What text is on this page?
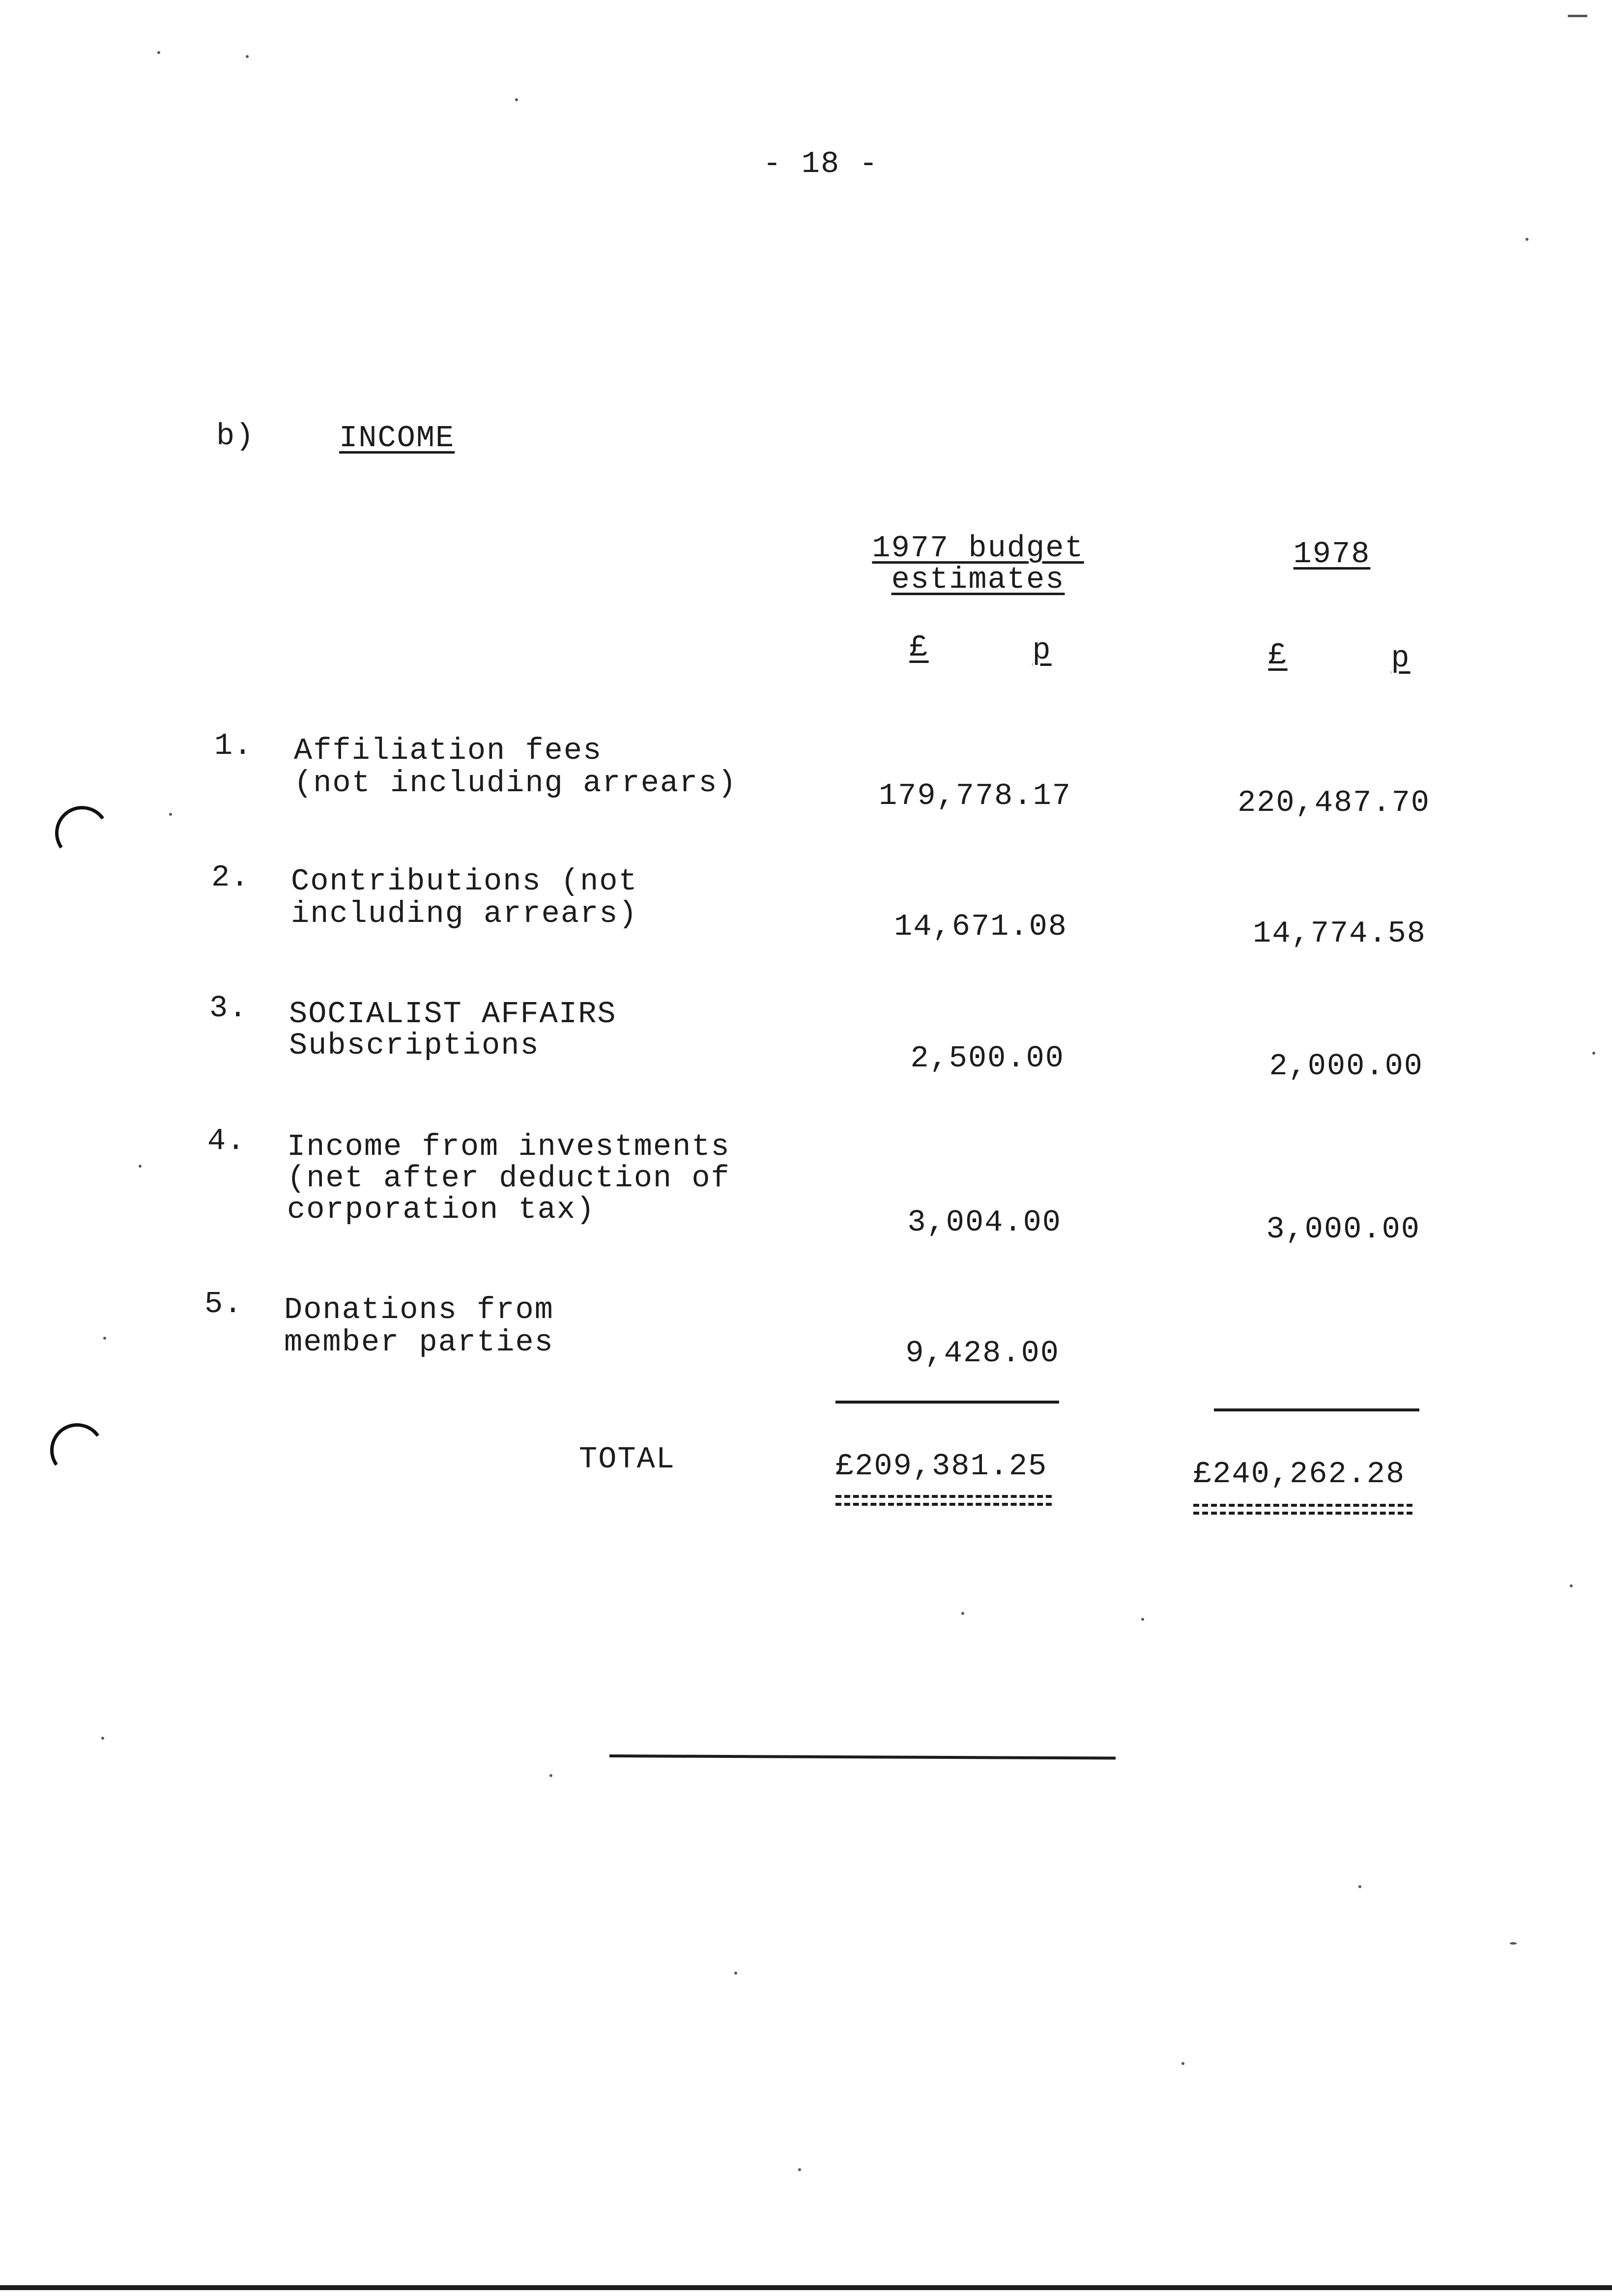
- 18 -
b)	INCOME
1977 budget
estimates
1978
£	p	£	p
1. Affiliation fees
(not including arrears)	179,778.17	220,487.70
2. Contributions (not
including arrears)	14,671.08	14,774.58
3. SOCIALIST AFFAIRS
Subscriptions	2,500.00	2,000.00
4. Income from investments
(net after deduction of
corporation tax)	3,004.00	3,000.00
5. Donations from
member parties	9,428.00
TOTAL	£209,381.25	£240,262.28
